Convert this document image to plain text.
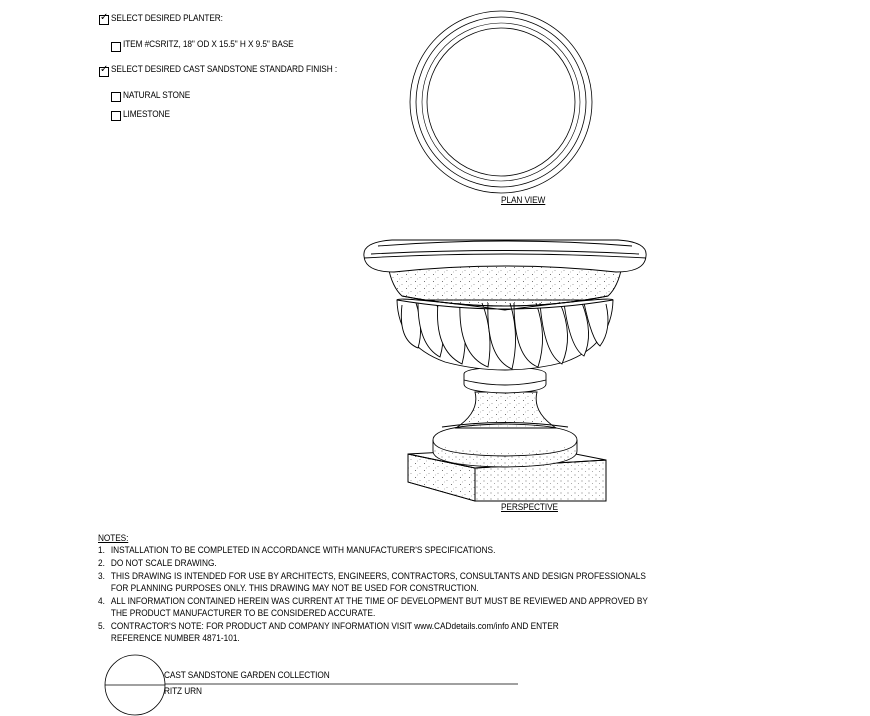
✓ SELECT DESIRED PLANTER:
ITEM #CSRITZ, 18" OD X 15.5" H X 9.5" BASE
✓ SELECT DESIRED CAST SANDSTONE STANDARD FINISH :
NATURAL STONE
LIMESTONE
PLAN VIEW
PERSPECTIVE
NOTES:
1. INSTALLATION TO BE COMPLETED IN ACCORDANCE WITH MANUFACTURER'S SPECIFICATIONS.
2. DO NOT SCALE DRAWING.
3. THIS DRAWING IS INTENDED FOR USE BY ARCHITECTS, ENGINEERS, CONTRACTORS, CONSULTANTS AND DESIGN PROFESSIONALS
FOR PLANNING PURPOSES ONLY. THIS DRAWING MAY NOT BE USED FOR CONSTRUCTION.
4. ALL INFORMATION CONTAINED HEREIN WAS CURRENT AT THE TIME OF DEVELOPMENT BUT MUST BE REVIEWED AND APPROVED BY
THE PRODUCT MANUFACTURER TO BE CONSIDERED ACCURATE.
5. CONTRACTOR'S NOTE: FOR PRODUCT AND COMPANY INFORMATION VISIT www.CADdetails.com/info AND ENTER
REFERENCE NUMBER 4871-101.
CAST SANDSTONE GARDEN COLLECTION
RITZ URN
